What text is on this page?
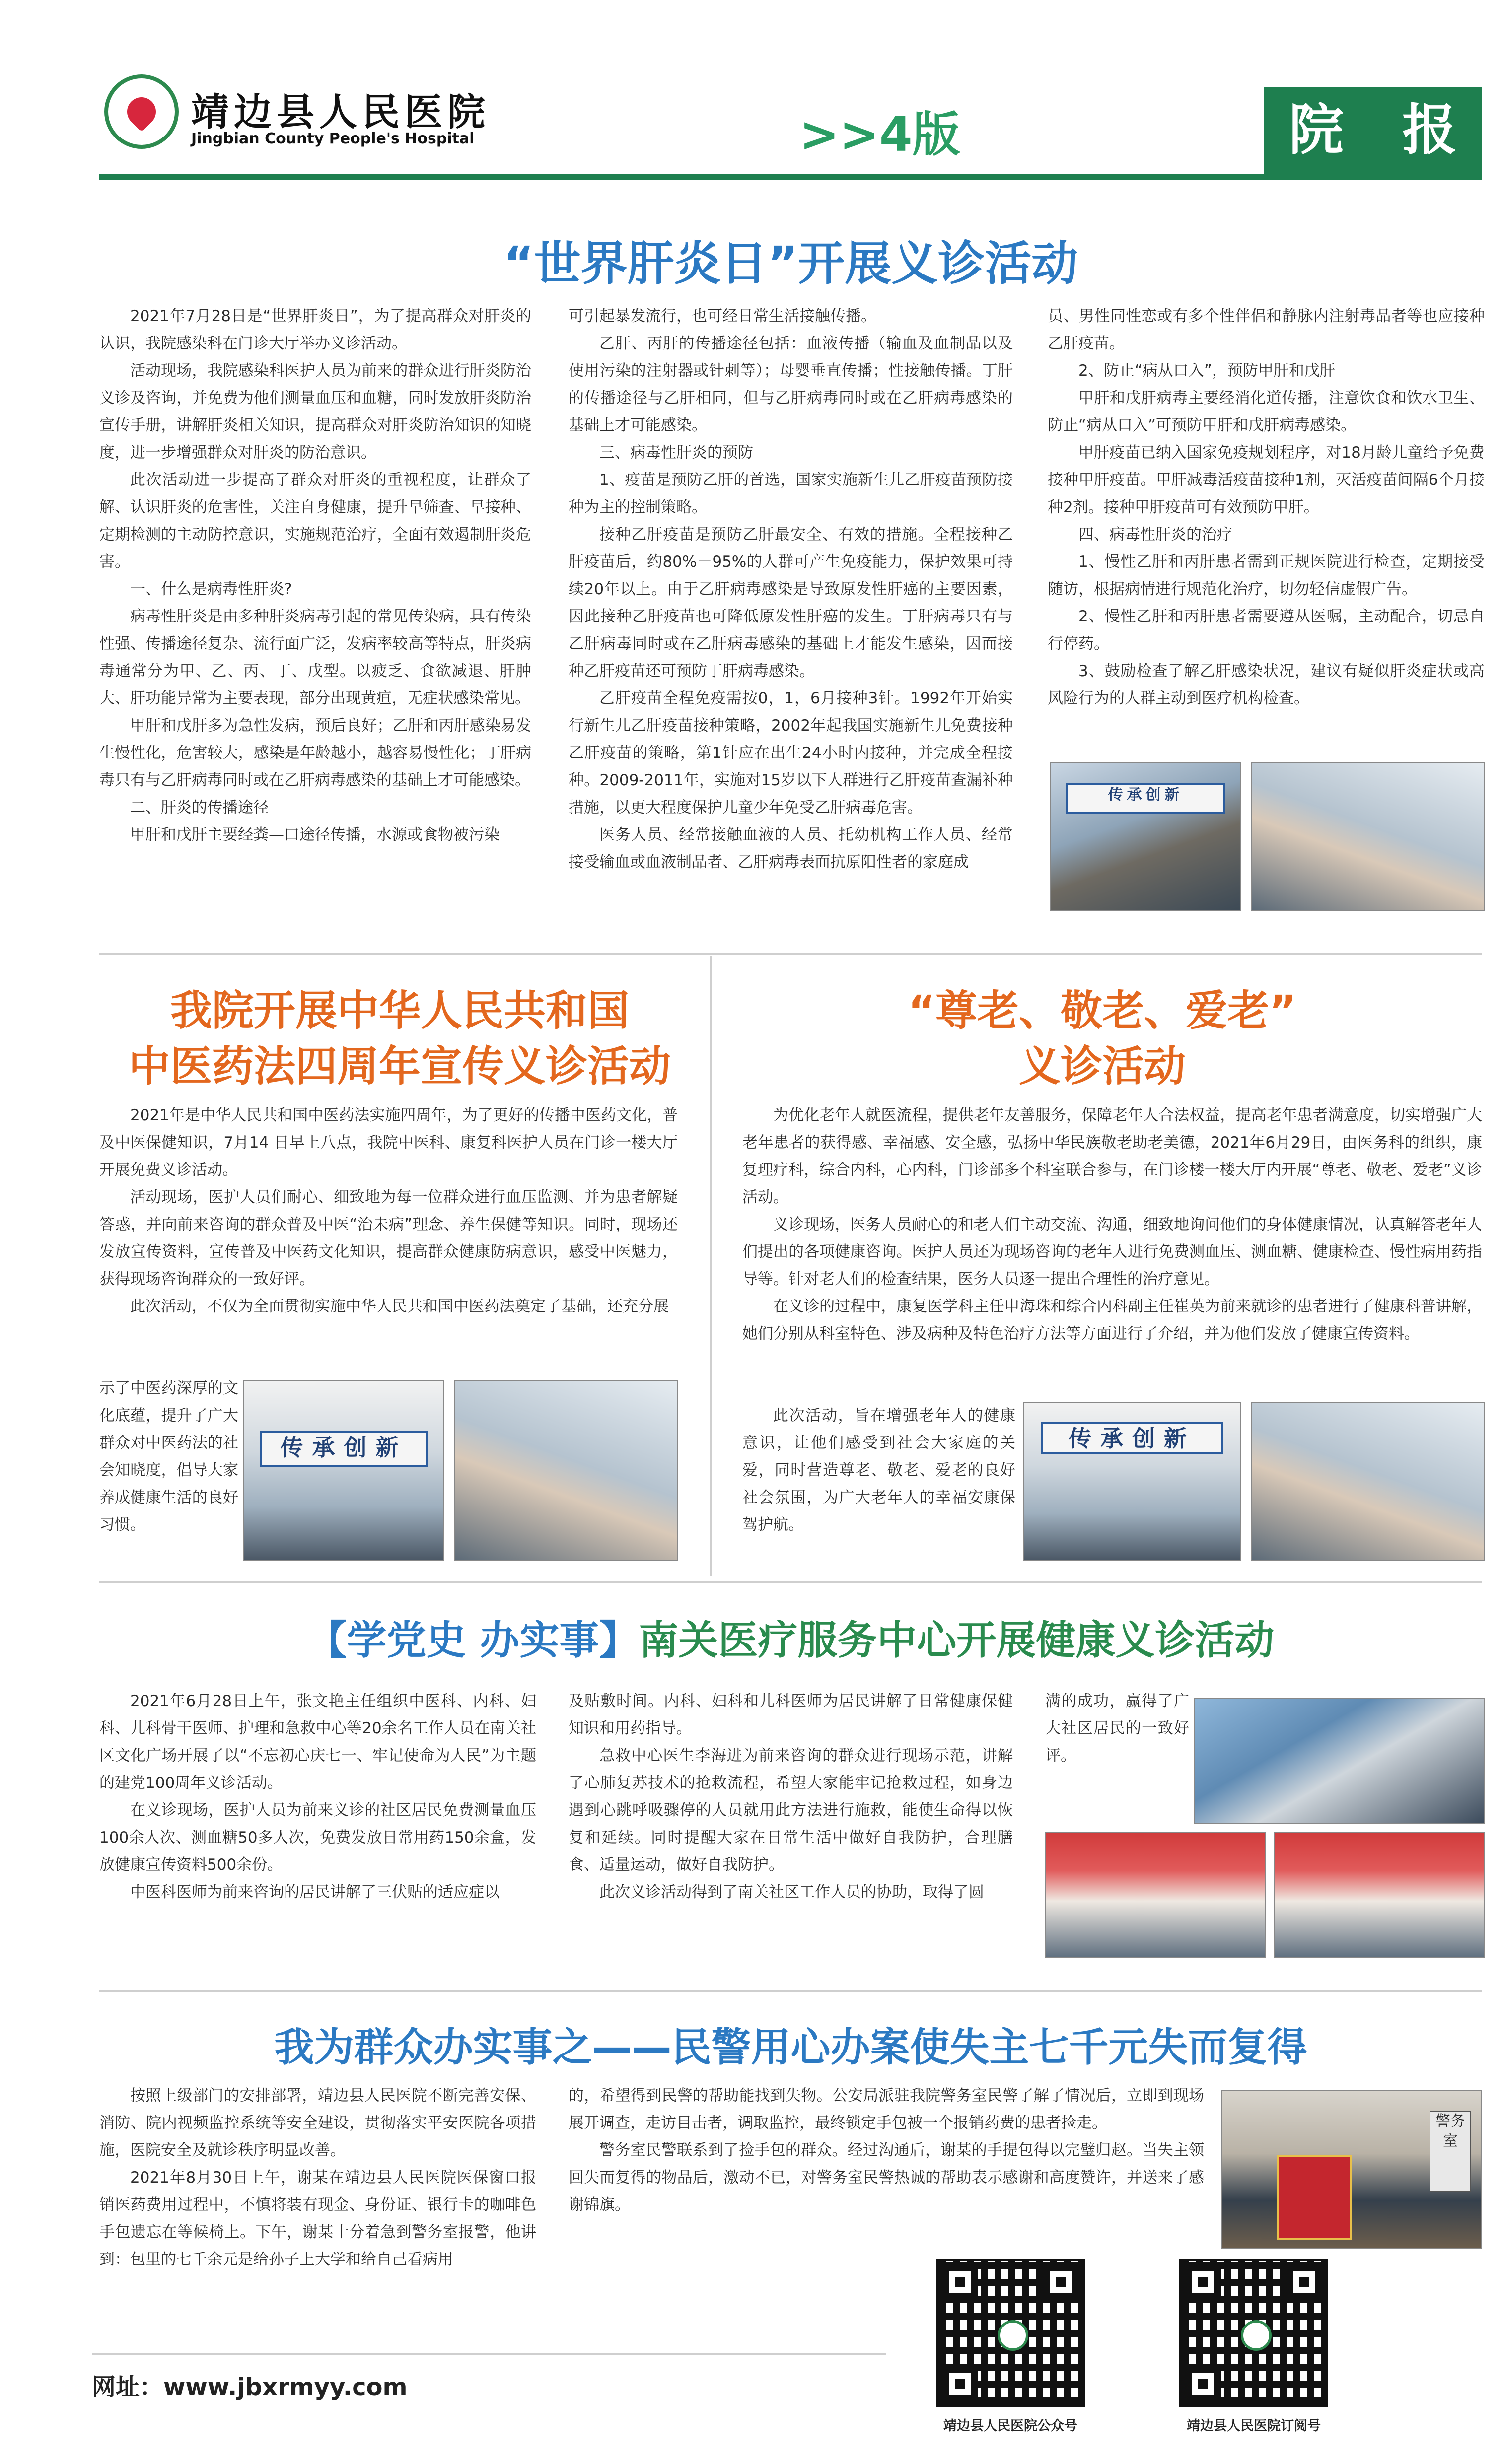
靖边县人民医院
Jingbian County People's Hospital	>>4版	院 报
“世界肝炎日”开展义诊活动

2021年7月28日是“世界肝炎日”，为了提高群众对肝炎的认识，我院感染科在门诊大厅举办义诊活动。

活动现场，我院感染科医护人员为前来的群众进行肝炎防治义诊及咨询，并免费为他们测量血压和血糖，同时发放肝炎防治宣传手册，讲解肝炎相关知识，提高群众对肝炎防治知识的知晓度，进一步增强群众对肝炎的防治意识。

此次活动进一步提高了群众对肝炎的重视程度，让群众了解、认识肝炎的危害性，关注自身健康，提升早筛查、早接种、定期检测的主动防控意识，实施规范治疗，全面有效遏制肝炎危害。

一、什么是病毒性肝炎?

病毒性肝炎是由多种肝炎病毒引起的常见传染病，具有传染性强、传播途径复杂、流行面广泛，发病率较高等特点，肝炎病毒通常分为甲、乙、丙、丁、戊型。以疲乏、食欲减退、肝肿大、肝功能异常为主要表现，部分出现黄疸，无症状感染常见。

甲肝和戊肝多为急性发病，预后良好；乙肝和丙肝感染易发生慢性化，危害较大，感染是年龄越小，越容易慢性化；丁肝病毒只有与乙肝病毒同时或在乙肝病毒感染的基础上才可能感染。

二、肝炎的传播途径

甲肝和戊肝主要经粪—口途径传播，水源或食物被污染

可引起暴发流行，也可经日常生活接触传播。

乙肝、丙肝的传播途径包括：血液传播（输血及血制品以及使用污染的注射器或针刺等）；母婴垂直传播；性接触传播。丁肝的传播途径与乙肝相同，但与乙肝病毒同时或在乙肝病毒感染的基础上才可能感染。

三、病毒性肝炎的预防

1、疫苗是预防乙肝的首选，国家实施新生儿乙肝疫苗预防接种为主的控制策略。

接种乙肝疫苗是预防乙肝最安全、有效的措施。全程接种乙肝疫苗后，约80%－95%的人群可产生免疫能力，保护效果可持续20年以上。由于乙肝病毒感染是导致原发性肝癌的主要因素，因此接种乙肝疫苗也可降低原发性肝癌的发生。丁肝病毒只有与乙肝病毒同时或在乙肝病毒感染的基础上才能发生感染，因而接种乙肝疫苗还可预防丁肝病毒感染。

乙肝疫苗全程免疫需按0，1，6月接种3针。1992年开始实行新生儿乙肝疫苗接种策略，2002年起我国实施新生儿免费接种乙肝疫苗的策略，第1针应在出生24小时内接种，并完成全程接种。2009-2011年，实施对15岁以下人群进行乙肝疫苗查漏补种措施，以更大程度保护儿童少年免受乙肝病毒危害。

医务人员、经常接触血液的人员、托幼机构工作人员、经常接受输血或血液制品者、乙肝病毒表面抗原阳性者的家庭成

员、男性同性恋或有多个性伴侣和静脉内注射毒品者等也应接种乙肝疫苗。

2、防止“病从口入”，预防甲肝和戊肝

甲肝和戊肝病毒主要经消化道传播，注意饮食和饮水卫生、防止“病从口入”可预防甲肝和戊肝病毒感染。

甲肝疫苗已纳入国家免疫规划程序，对18月龄儿童给予免费接种甲肝疫苗。甲肝减毒活疫苗接种1剂，灭活疫苗间隔6个月接种2剂。接种甲肝疫苗可有效预防甲肝。

四、病毒性肝炎的治疗

1、慢性乙肝和丙肝患者需到正规医院进行检查，定期接受随访，根据病情进行规范化治疗，切勿轻信虚假广告。

2、慢性乙肝和丙肝患者需要遵从医嘱，主动配合，切忌自行停药。

3、鼓励检查了解乙肝感染状况，建议有疑似肝炎症状或高风险行为的人群主动到医疗机构检查。

传承创新
我院开展中华人民共和国
中医药法四周年宣传义诊活动

2021年是中华人民共和国中医药法实施四周年，为了更好的传播中医药文化，普及中医保健知识，7月14 日早上八点，我院中医科、康复科医护人员在门诊一楼大厅开展免费义诊活动。

活动现场，医护人员们耐心、细致地为每一位群众进行血压监测、并为患者解疑答惑，并向前来咨询的群众普及中医“治未病”理念、养生保健等知识。同时，现场还发放宣传资料，宣传普及中医药文化知识，提高群众健康防病意识，感受中医魅力，获得现场咨询群众的一致好评。

此次活动，不仅为全面贯彻实施中华人民共和国中医药法奠定了基础，还充分展

示了中医药深厚的文化底蕴，提升了广大群众对中医药法的社会知晓度，倡导大家养成健康生活的良好习惯。

传承创新
“尊老、敬老、爱老”
义诊活动

为优化老年人就医流程，提供老年友善服务，保障老年人合法权益，提高老年患者满意度，切实增强广大老年患者的获得感、幸福感、安全感，弘扬中华民族敬老助老美德，2021年6月29日，由医务科的组织，康复理疗科，综合内科，心内科，门诊部多个科室联合参与，在门诊楼一楼大厅内开展“尊老、敬老、爱老”义诊活动。

义诊现场，医务人员耐心的和老人们主动交流、沟通，细致地询问他们的身体健康情况，认真解答老年人们提出的各项健康咨询。医护人员还为现场咨询的老年人进行免费测血压、测血糖、健康检查、慢性病用药指导等。针对老人们的检查结果，医务人员逐一提出合理性的治疗意见。

在义诊的过程中，康复医学科主任申海珠和综合内科副主任崔英为前来就诊的患者进行了健康科普讲解，她们分别从科室特色、涉及病种及特色治疗方法等方面进行了介绍，并为他们发放了健康宣传资料。

此次活动，旨在增强老年人的健康意识，让他们感受到社会大家庭的关爱，同时营造尊老、敬老、爱老的良好社会氛围，为广大老年人的幸福安康保驾护航。

传承创新
【学党史 办实事】南关医疗服务中心开展健康义诊活动

2021年6月28日上午，张文艳主任组织中医科、内科、妇科、儿科骨干医师、护理和急救中心等20余名工作人员在南关社区文化广场开展了以“不忘初心庆七一、牢记使命为人民”为主题的建党100周年义诊活动。

在义诊现场，医护人员为前来义诊的社区居民免费测量血压100余人次、测血糖50多人次，免费发放日常用药150余盒，发放健康宣传资料500余份。

中医科医师为前来咨询的居民讲解了三伏贴的适应症以

及贴敷时间。内科、妇科和儿科医师为居民讲解了日常健康保健知识和用药指导。

急救中心医生李海进为前来咨询的群众进行现场示范，讲解了心肺复苏技术的抢救流程，希望大家能牢记抢救过程，如身边遇到心跳呼吸骤停的人员就用此方法进行施救，能使生命得以恢复和延续。同时提醒大家在日常生活中做好自我防护，合理膳食、适量运动，做好自我防护。

此次义诊活动得到了南关社区工作人员的协助，取得了圆

满的成功，赢得了广大社区居民的一致好评。

我为群众办实事之——民警用心办案使失主七千元失而复得

按照上级部门的安排部署，靖边县人民医院不断完善安保、消防、院内视频监控系统等安全建设，贯彻落实平安医院各项措施，医院安全及就诊秩序明显改善。

2021年8月30日上午，谢某在靖边县人民医院医保窗口报销医药费用过程中，不慎将装有现金、身份证、银行卡的咖啡色手包遗忘在等候椅上。下午，谢某十分着急到警务室报警，他讲到：包里的七千余元是给孙子上大学和给自己看病用

的，希望得到民警的帮助能找到失物。公安局派驻我院警务室民警了解了情况后，立即到现场展开调查，走访目击者，调取监控，最终锁定手包被一个报销药费的患者捡走。

警务室民警联系到了捡手包的群众。经过沟通后，谢某的手提包得以完璧归赵。当失主领回失而复得的物品后，激动不已，对警务室民警热诚的帮助表示感谢和高度赞许，并送来了感谢锦旗。

警务室
靖边县人民医院公众号	靖边县人民医院订阅号
网址：www.jbxrmyy.com
